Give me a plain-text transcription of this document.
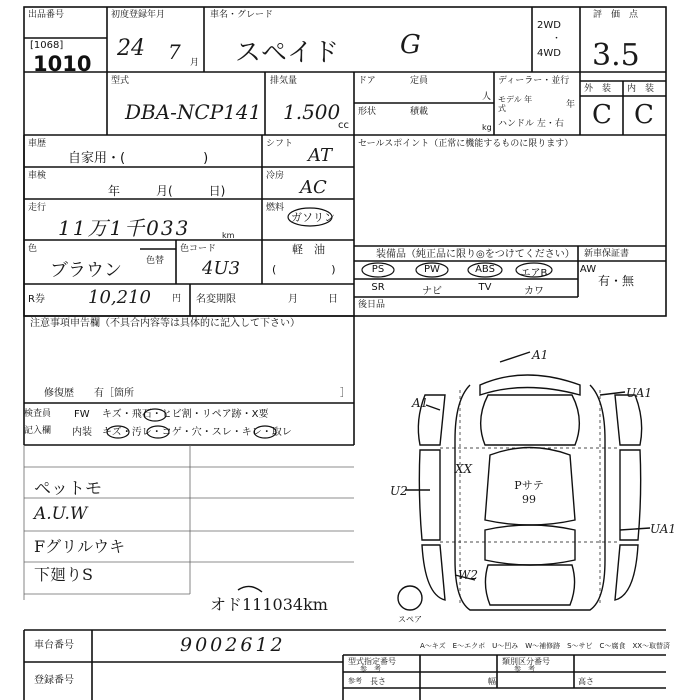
出品番号
[1068]
1010
初度登録年月
24 7 月
車名・グレード
スペイド G
2WD
・
4WD
評　価　点
3.5
型式
DBA-NCP141
排気量
1.500
cc
ドア	定員
人
形状	積載
kg
ディーラー・並行
モデル 年　式	年
ハンドル 左・右
外　装 内　装
C C
車歴
自家用・(　　　　　　)
シフト
AT
セールスポイント（正常に機能するものに限ります）
車検
年　　　月(　　　日)
冷房
AC
走行
11万1千033	km
燃料
ガソリン
軽　油
(　　　　　)
色
ブラウン	色替
色コード
4U3
装備品（純正品に限り◎をつけてください） 新車保証書
有・無
PS	PW	ABS	エアB	AW
SR	ナビ	TV	カワ
後日品
R券 10,210 円 名変期限	月　　　日
注意事項申告欄（不具合内容等は具体的に記入して下さい）
修復歴　　有［箇所	］
検査員
記入欄
FW キズ・飛石・ヒビ割・リペア跡・X要
内装 キズ・汚レ・コゲ・穴・スレ・キレ・取レ
ペットモ
A.U.W
Fグリルウキ
下廻りS
オド111034km
A1
A1
UA1
XX
U2
UA1
W2
Pサテ 99
スペア
車台番号	9002612
登録番号
A～キズ　E～エクボ　U～凹み　W～補修跡　S～サビ　C～腐食　XX～取替済
型式指定番号
参　考
類別区分番号
参　考
参考 長さ	幅	高さ
